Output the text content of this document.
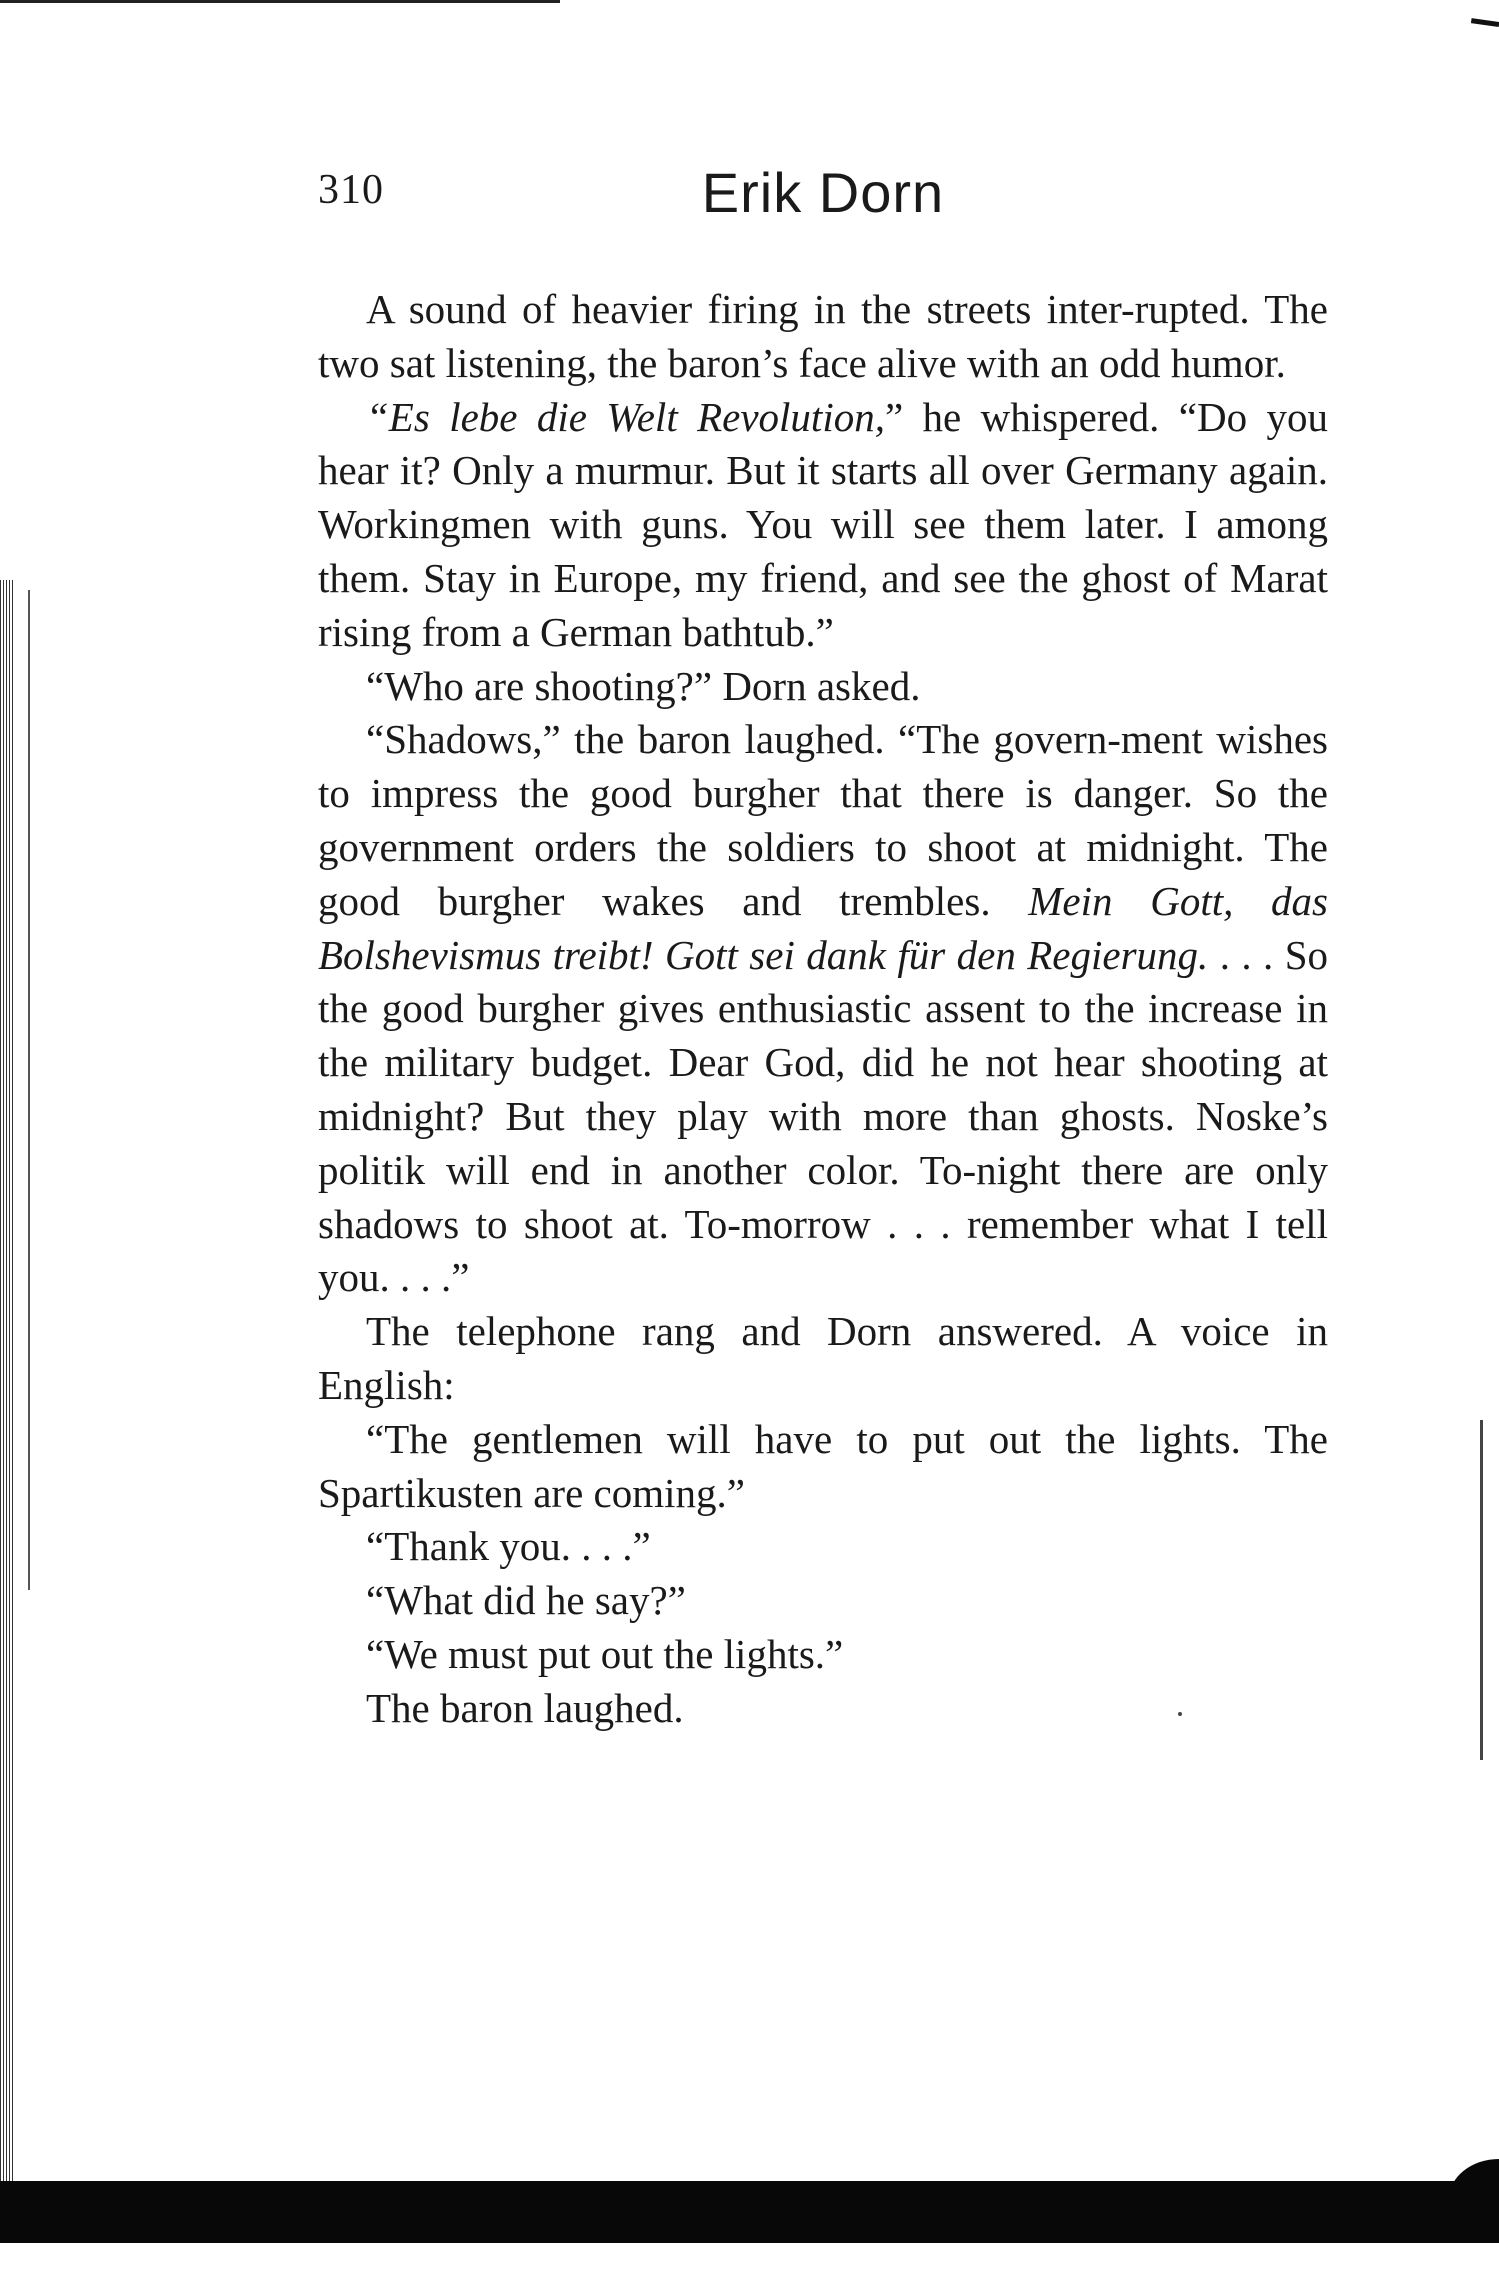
310	Erik Dorn

A sound of heavier firing in the streets inter-rupted. The two sat listening, the baron’s face alive with an odd humor.

“Es lebe die Welt Revolution,” he whispered. “Do you hear it? Only a murmur. But it starts all over Germany again. Workingmen with guns. You will see them later. I among them. Stay in Europe, my friend, and see the ghost of Marat rising from a German bathtub.”

“Who are shooting?” Dorn asked.

“Shadows,” the baron laughed. “The govern-ment wishes to impress the good burgher that there is danger. So the government orders the soldiers to shoot at midnight. The good burgher wakes and trembles. Mein Gott, das Bolshevismus treibt! Gott sei dank für den Regierung. . . . So the good burgher gives enthusiastic assent to the increase in the military budget. Dear God, did he not hear shooting at midnight? But they play with more than ghosts. Noske’s politik will end in another color. To-night there are only shadows to shoot at. To-morrow . . . remember what I tell you. . . .”

The telephone rang and Dorn answered. A voice in English:

“The gentlemen will have to put out the lights. The Spartikusten are coming.”

“Thank you. . . .”

“What did he say?”

“We must put out the lights.”

The baron laughed.
